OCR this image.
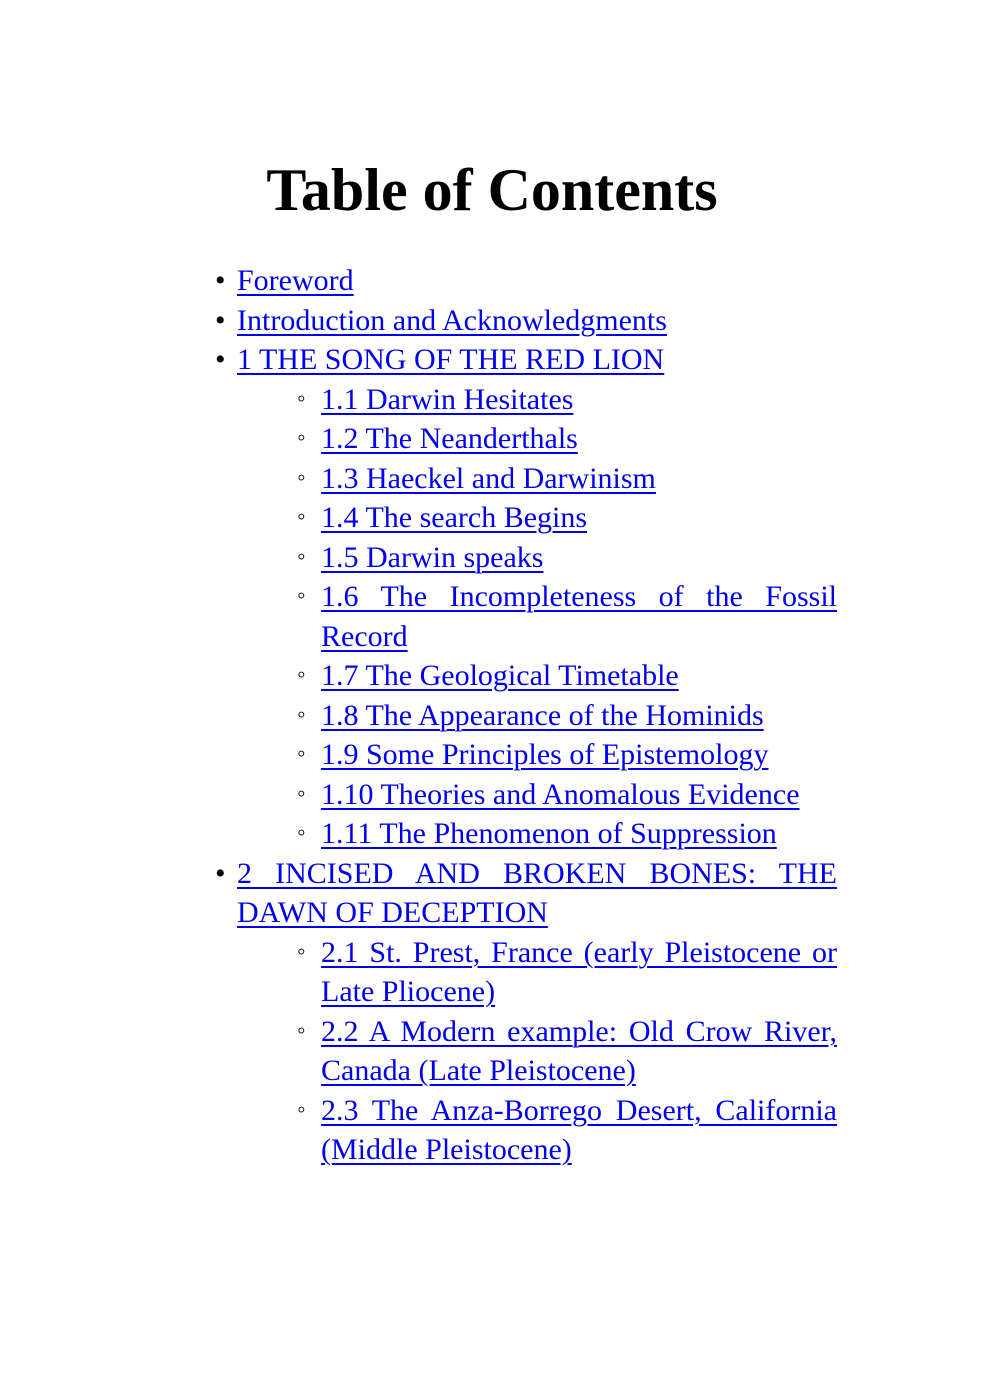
Table of Contents
• Foreword
• Introduction and Acknowledgments
• 1 THE SONG OF THE RED LION
◦ 1.1 Darwin Hesitates
◦ 1.2 The Neanderthals
◦ 1.3 Haeckel and Darwinism
◦ 1.4 The search Begins
◦ 1.5 Darwin speaks
◦ 1.6 The Incompleteness of the Fossil Record
◦ 1.7 The Geological Timetable
◦ 1.8 The Appearance of the Hominids
◦ 1.9 Some Principles of Epistemology
◦ 1.10 Theories and Anomalous Evidence
◦ 1.11 The Phenomenon of Suppression
• 2 INCISED AND BROKEN BONES: THE DAWN OF DECEPTION
◦ 2.1 St. Prest, France (early Pleistocene or Late Pliocene)
◦ 2.2 A Modern example: Old Crow River, Canada (Late Pleistocene)
◦ 2.3 The Anza-Borrego Desert, California (Middle Pleistocene)
